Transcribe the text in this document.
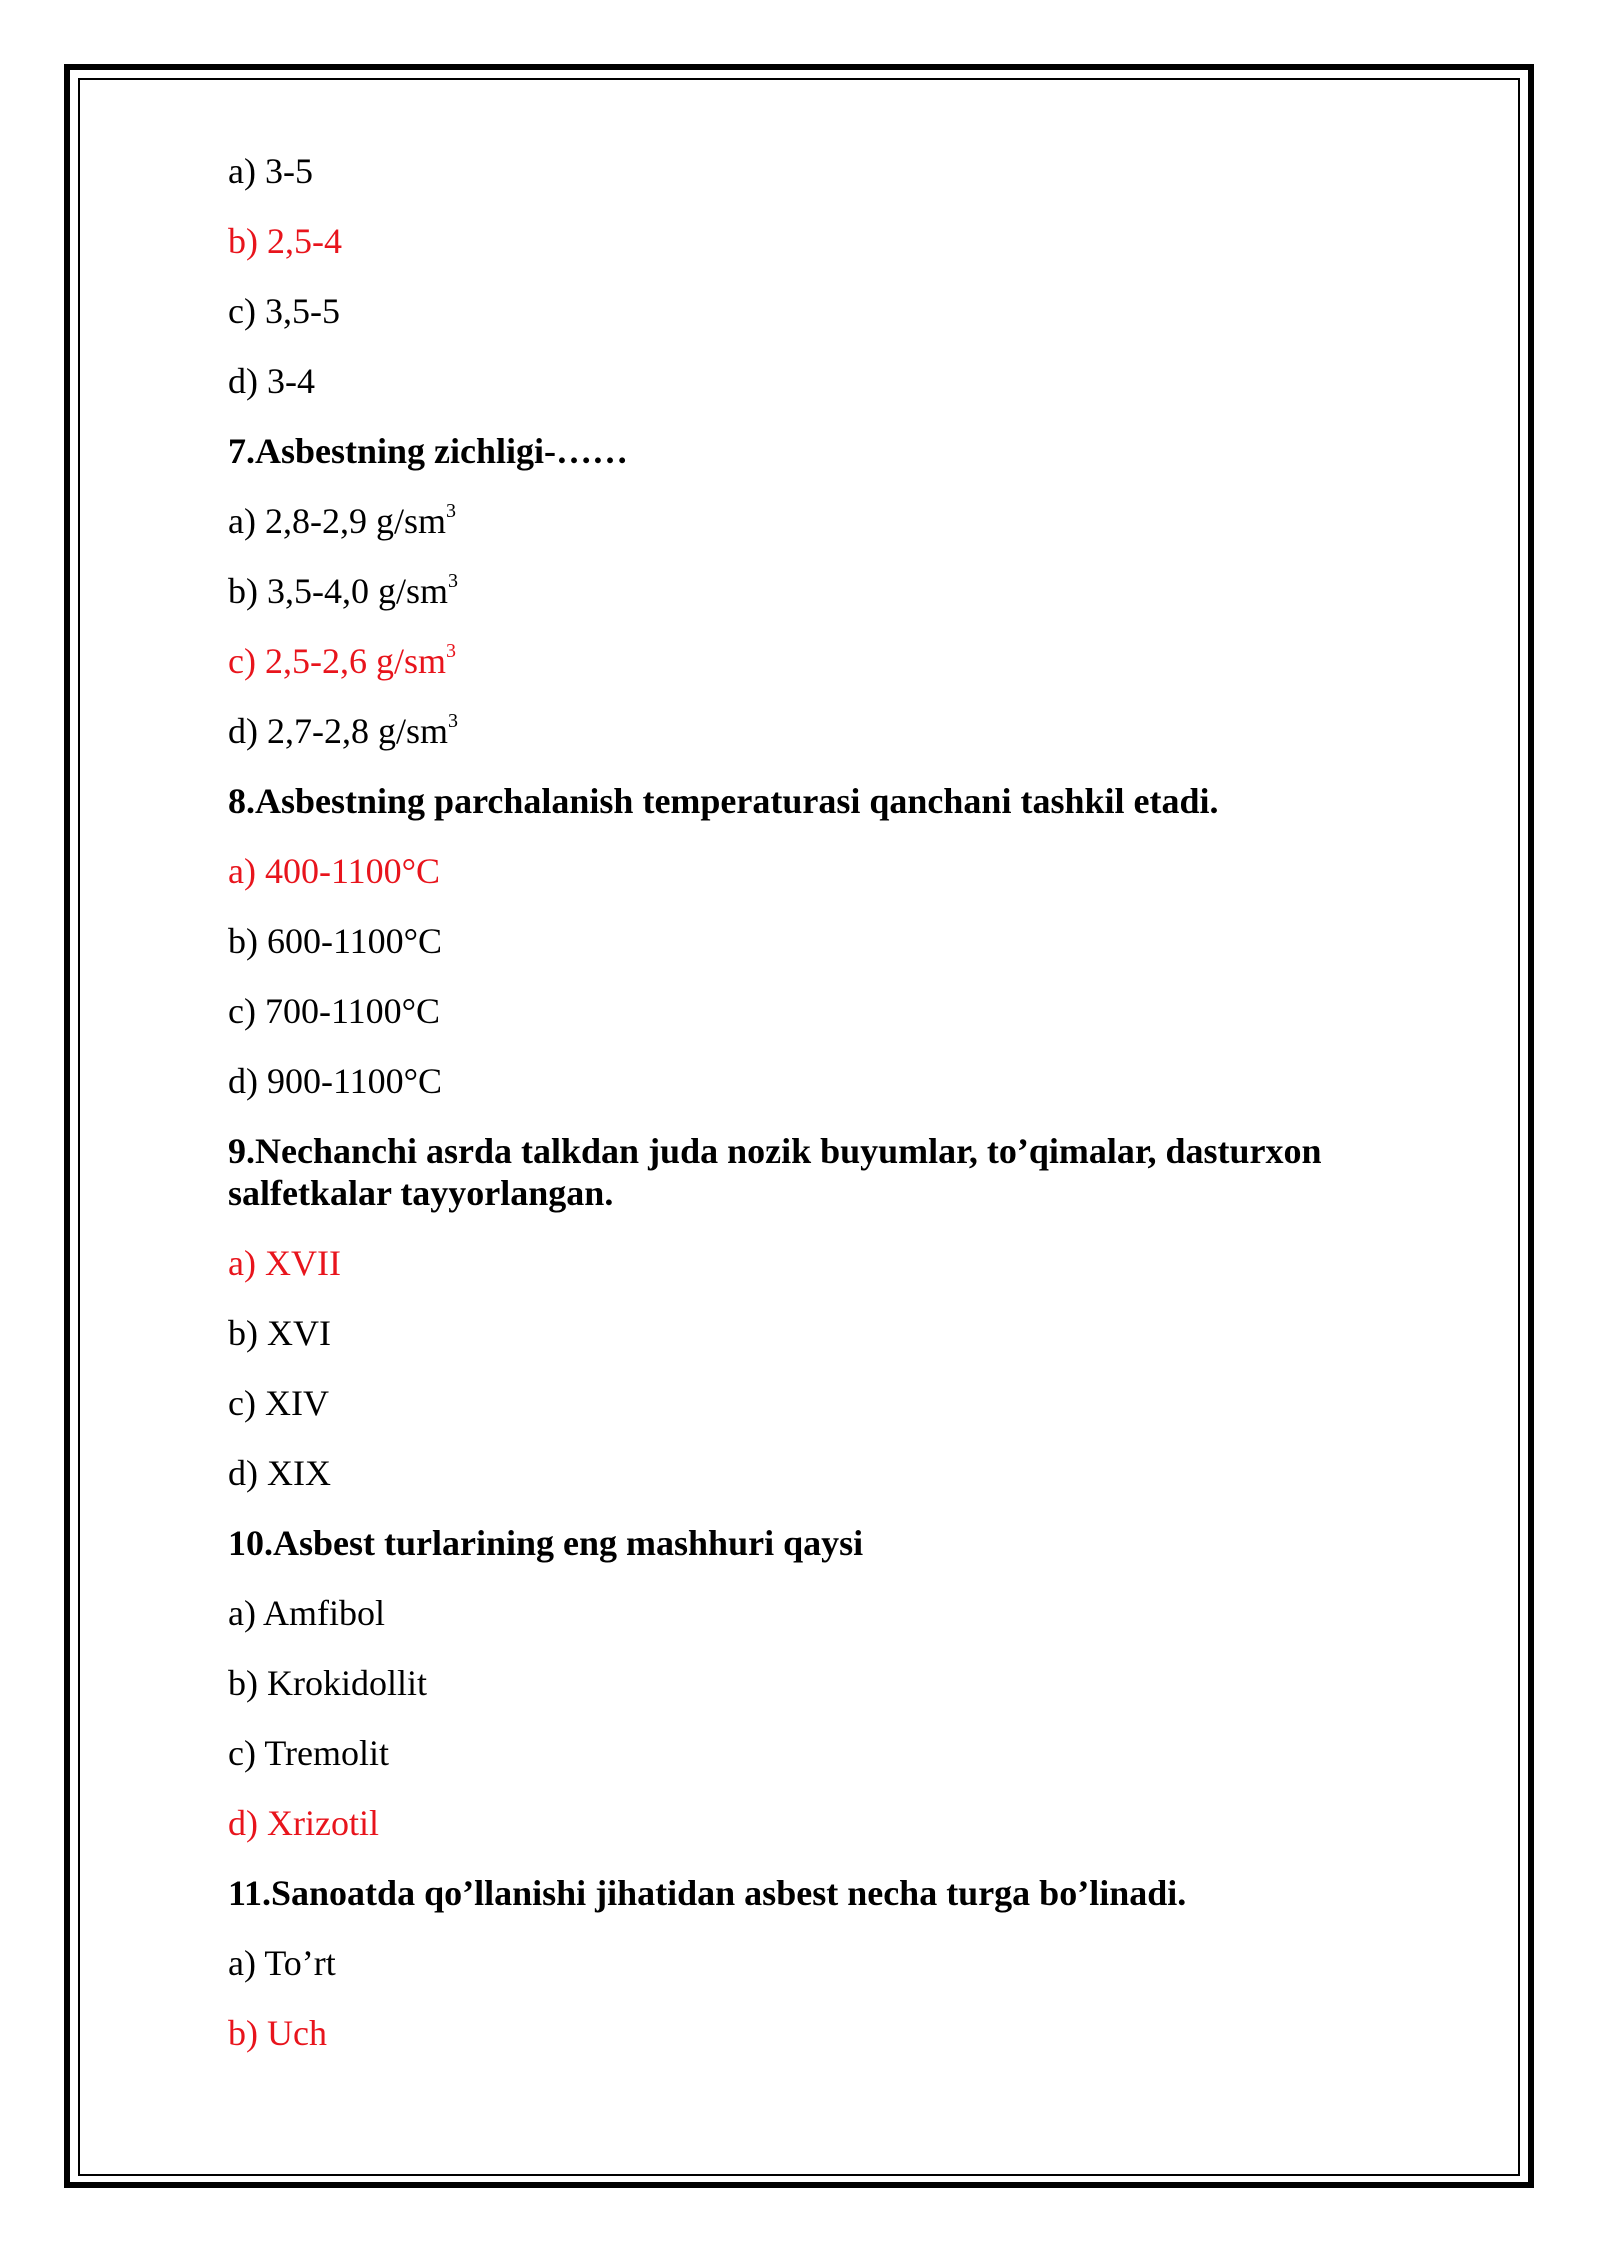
a) 3-5
b) 2,5-4
c) 3,5-5
d) 3-4
7.Asbestning zichligi-……
a) 2,8-2,9 $g/sm^3$
b) 3,5-4,0 $g/sm^3$
c) 2,5-2,6 $g/sm^3$
d) 2,7-2,8 $g/sm^3$
8.Asbestning parchalanish temperaturasi qanchani tashkil etadi.
a) 400-1100°C
b) 600-1100°C
c) 700-1100°C
d) 900-1100°C
9.Nechanchi asrda talkdan juda nozik buyumlar, to’qimalar, dasturxon salfetkalar tayyorlangan.
a) XVII
b) XVI
c) XIV
d) XIX
10.Asbest turlarining eng mashhuri qaysi
a) Amfibol
b) Krokidollit
c) Tremolit
d) Xrizotil
11.Sanoatda qo’llanishi jihatidan asbest necha turga bo’linadi.
a) To’rt
b) Uch
